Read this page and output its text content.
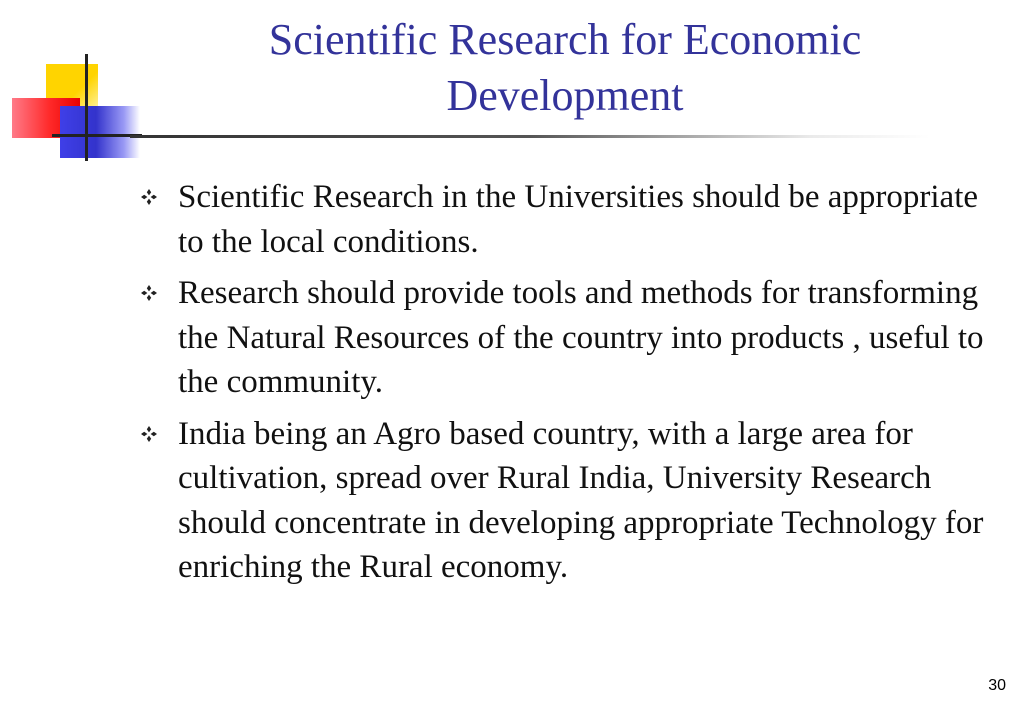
Scientific Research for Economic
Development
Scientific Research in the Universities should be appropriate to the local conditions.
Research should provide tools and methods for transforming the Natural Resources of the country into products , useful to the community.
India being an Agro based country, with a large area for cultivation, spread over Rural India, University Research should concentrate in developing appropriate Technology for enriching the Rural economy.
30
